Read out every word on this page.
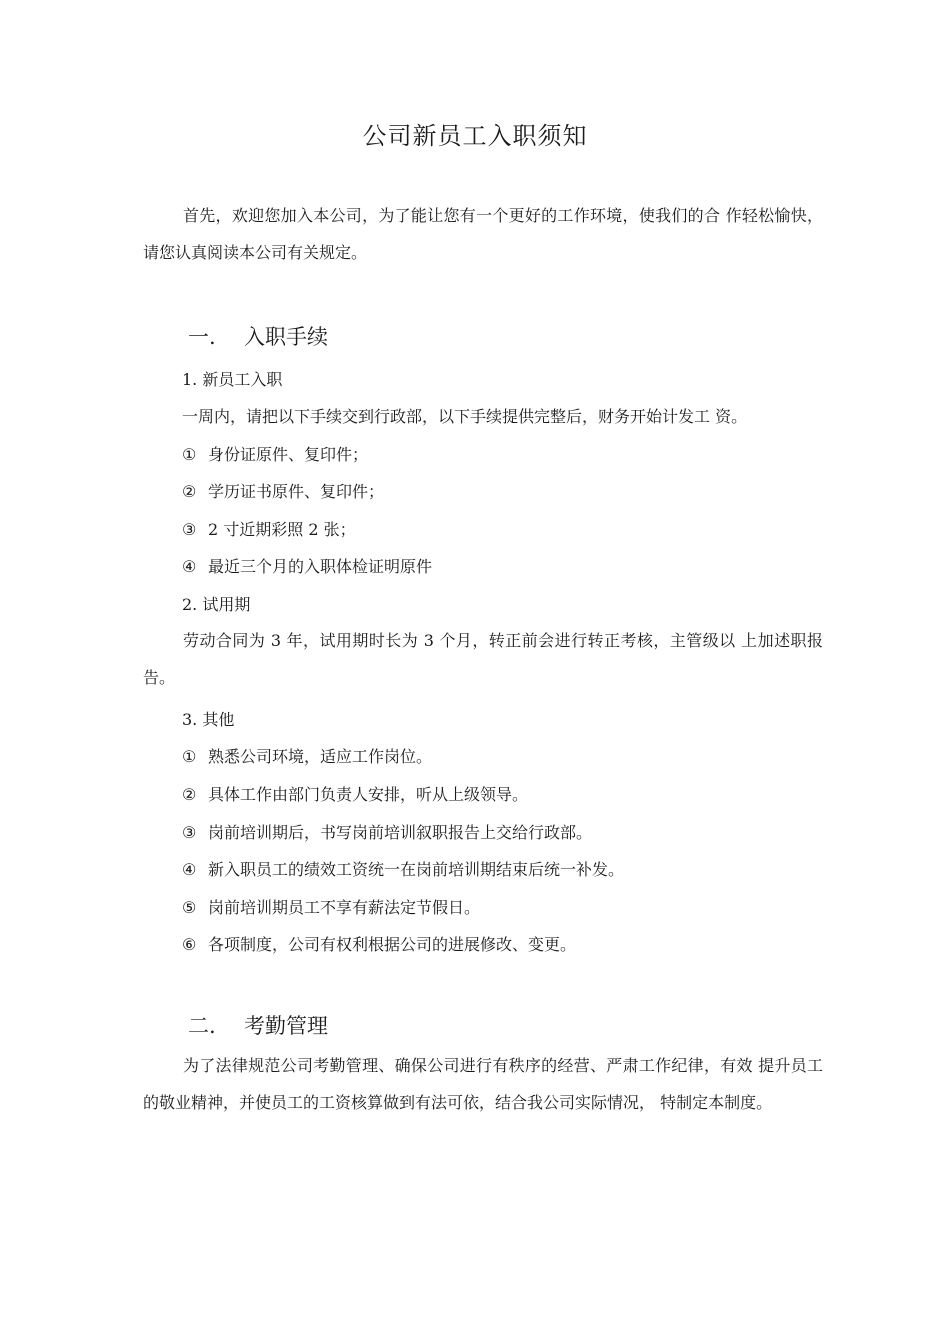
公司新员工入职须知
首先，欢迎您加入本公司，为了能让您有一个更好的工作环境，使我们的合 作轻松愉快，请您认真阅读本公司有关规定。
一. 入职手续
1. 新员工入职
一周内，请把以下手续交到行政部，以下手续提供完整后，财务开始计发工 资。
① 身份证原件、复印件；
② 学历证书原件、复印件；
③ 2 寸近期彩照 2 张；
④ 最近三个月的入职体检证明原件
2. 试用期
劳动合同为 3 年，试用期时长为 3 个月，转正前会进行转正考核，主管级以 上加述职报告。
3. 其他
① 熟悉公司环境，适应工作岗位。
② 具体工作由部门负责人安排，听从上级领导。
③ 岗前培训期后，书写岗前培训叙职报告上交给行政部。
④ 新入职员工的绩效工资统一在岗前培训期结束后统一补发。
⑤ 岗前培训期员工不享有薪法定节假日。
⑥ 各项制度，公司有权利根据公司的进展修改、变更。
二. 考勤管理
为了法律规范公司考勤管理、确保公司进行有秩序的经营、严肃工作纪律，有效 提升员工的敬业精神，并使员工的工资核算做到有法可依，结合我公司实际情况， 特制定本制度。
